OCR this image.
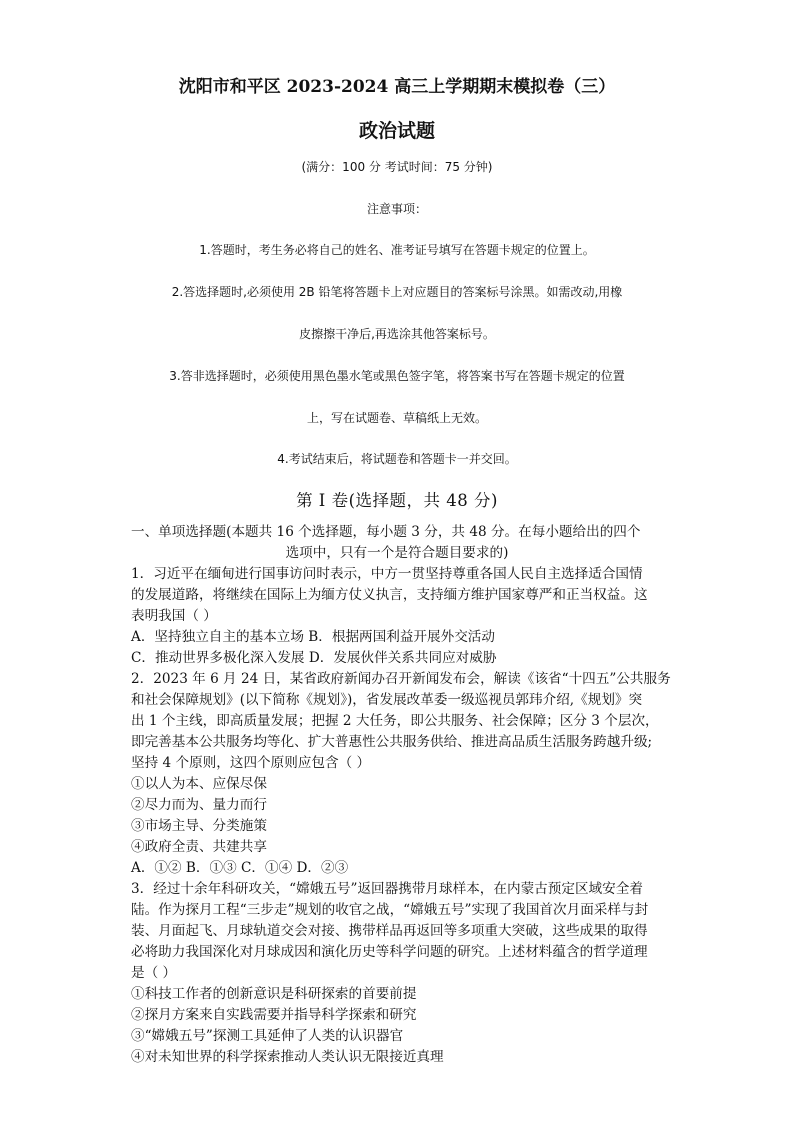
沈阳市和平区 2023-2024 高三上学期期末模拟卷（三）
政治试题
(满分：100 分 考试时间：75 分钟)
注意事项：
1.答题时，考生务必将自己的姓名、准考证号填写在答题卡规定的位置上。
2.答选择题时,必须使用 2B 铅笔将答题卡上对应题目的答案标号涂黑。如需改动,用橡
皮擦擦干净后,再选涂其他答案标号。
3.答非选择题时，必须使用黑色墨水笔或黑色签字笔，将答案书写在答题卡规定的位置
上，写在试题卷、草稿纸上无效。
4.考试结束后，将试题卷和答题卡一并交回。
第 Ⅰ 卷(选择题，共 48 分)
一、单项选择题(本题共 16 个选择题，每小题 3 分，共 48 分。在每小题给出的四个
选项中，只有一个是符合题目要求的)
1．习近平在缅甸进行国事访问时表示，中方一贯坚持尊重各国人民自主选择适合国情
的发展道路，将继续在国际上为缅方仗义执言，支持缅方维护国家尊严和正当权益。这
表明我国（ ）
A．坚持独立自主的基本立场 B．根据两国利益开展外交活动
C．推动世界多极化深入发展 D．发展伙伴关系共同应对威胁
2．2023 年 6 月 24 日，某省政府新闻办召开新闻发布会，解读《该省“十四五”公共服务
和社会保障规划》(以下简称《规划》)，省发展改革委一级巡视员郭玮介绍,《规划》突
出 1 个主线，即高质量发展；把握 2 大任务，即公共服务、社会保障；区分 3 个层次，
即完善基本公共服务均等化、扩大普惠性公共服务供给、推进高品质生活服务跨越升级;
坚持 4 个原则，这四个原则应包含（ ）
①以人为本、应保尽保
②尽力而为、量力而行
③市场主导、分类施策
④政府全责、共建共享
A．①② B．①③ C．①④ D．②③
3．经过十余年科研攻关，“嫦娥五号”返回器携带月球样本，在内蒙古预定区域安全着
陆。作为探月工程“三步走”规划的收官之战，“嫦娥五号”实现了我国首次月面采样与封
装、月面起飞、月球轨道交会对接、携带样品再返回等多项重大突破，这些成果的取得
必将助力我国深化对月球成因和演化历史等科学问题的研究。上述材料蕴含的哲学道理
是（ ）
①科技工作者的创新意识是科研探索的首要前提
②探月方案来自实践需要并指导科学探索和研究
③“嫦娥五号”探测工具延伸了人类的认识器官
④对未知世界的科学探索推动人类认识无限接近真理
